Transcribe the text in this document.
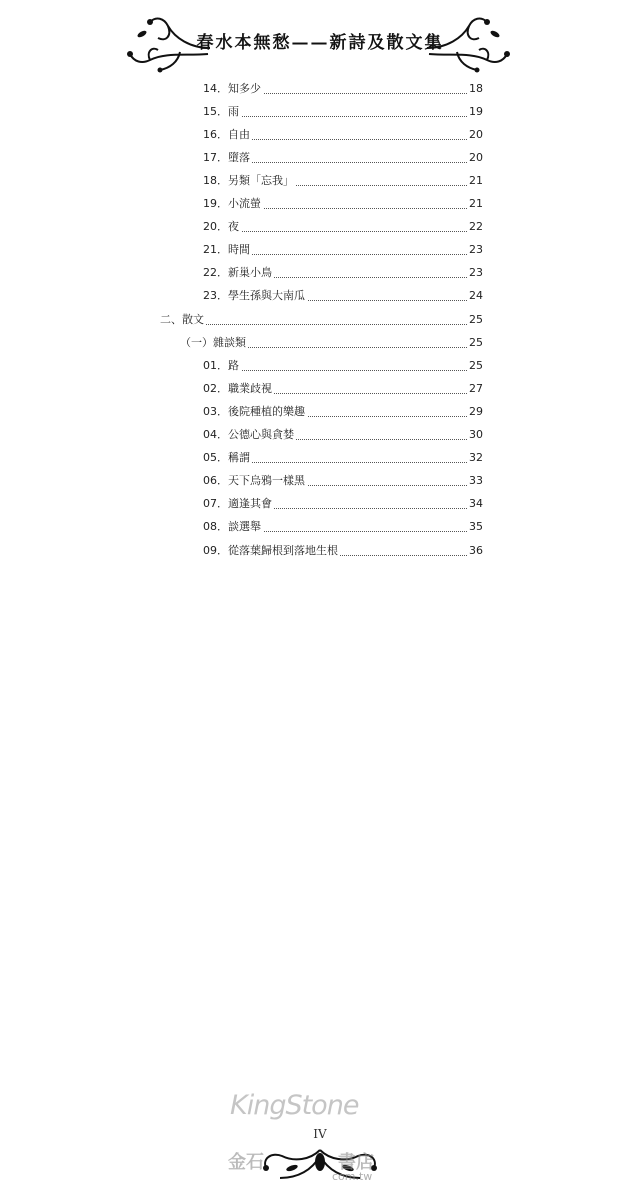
春水本無愁——新詩及散文集
14．知多少	18
15．雨	19
16．自由	20
17．墮落	20
18．另類「忘我」	21
19．小流螢	21
20．夜	22
21．時間	23
22．新巢小鳥	23
23．學生孫與大南瓜	24
二、散文	25
（一）雜談類	25
01．路	25
02．職業歧視	27
03．後院種植的樂趣	29
04．公德心與貪婪	30
05．稱謂	32
06．天下烏鴉一樣黑	33
07．適逢其會	34
08．談選舉	35
09．從落葉歸根到落地生根	36
KingStone
IV
金石	書店
com.tw
